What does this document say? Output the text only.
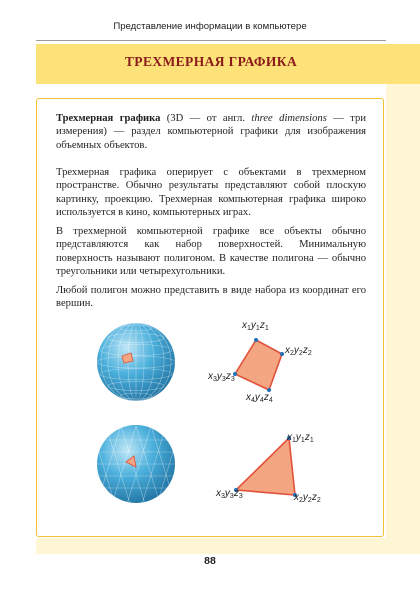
Представление информации в компьютере
ТРЕХМЕРНАЯ ГРАФИКА

Трехмерная графика (3D — от англ. three dimensions — три измерения) — раздел компьютерной графики для изображения объемных объектов.

Трехмерная графика оперирует с объектами в трехмерном пространстве. Обычно результаты представляют собой плоскую картинку, проекцию. Трехмерная компьютерная графика широко используется в кино, компьютерных играх.

В трехмерной компьютерной графике все объекты обычно представляются как набор поверхностей. Минимальную поверхность называют полигоном. В качестве полигона — обычно треугольники или четырехугольники.

Любой полигон можно представить в виде набора из координат его вершин.

$x_1y_1z_1$
$x_2y_2z_2$
$x_3y_3z_3$
$x_4y_4z_4$
$x_1y_1z_1$
$x_2y_2z_2$
$x_3y_3z_3$
88
